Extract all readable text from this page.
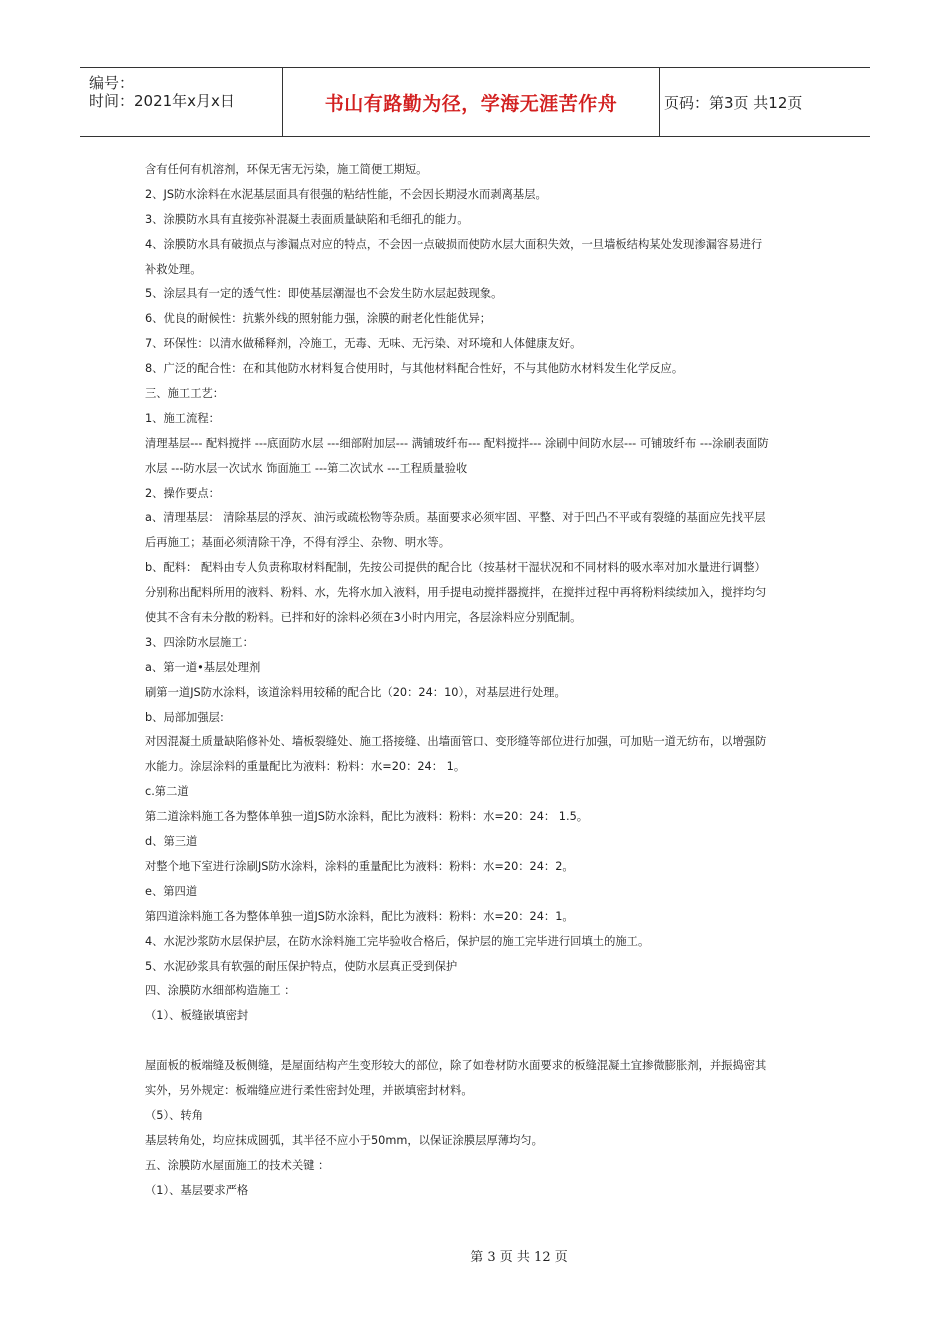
编号：
时间：2021年x月x日	书山有路勤为径，学海无涯苦作舟	页码：第3页 共12页
含有任何有机溶剂，环保无害无污染，施工简便工期短。
2、JS防水涂料在水泥基层面具有很强的粘结性能，不会因长期浸水而剥离基层。
3、涂膜防水具有直接弥补混凝土表面质量缺陷和毛细孔的能力。
4、涂膜防水具有破损点与渗漏点对应的特点，不会因一点破损而使防水层大面积失效，一旦墙板结构某处发现渗漏容易进行
补救处理。
5、涂层具有一定的透气性：即使基层潮湿也不会发生防水层起鼓现象。
6、优良的耐候性：抗紫外线的照射能力强，涂膜的耐老化性能优异；
7、环保性：以清水做稀释剂，冷施工，无毒、无味、无污染、对环境和人体健康友好。
8、广泛的配合性：在和其他防水材料复合使用时，与其他材料配合性好，不与其他防水材料发生化学反应。
三、施工工艺：
1、施工流程：
清理基层--- 配料搅拌 ---底面防水层 ---细部附加层--- 满铺玻纤布--- 配料搅拌--- 涂刷中间防水层--- 可铺玻纤布 ---涂刷表面防
水层 ---防水层一次试水 饰面施工 ---第二次试水 ---工程质量验收
2、操作要点：
a、清理基层： 清除基层的浮灰、油污或疏松物等杂质。基面要求必须牢固、平整、对于凹凸不平或有裂缝的基面应先找平层
后再施工；基面必须清除干净，不得有浮尘、杂物、明水等。
b、配料： 配料由专人负责称取材料配制，先按公司提供的配合比（按基材干湿状况和不同材料的吸水率对加水量进行调整）
分别称出配料所用的液料、粉料、水，先将水加入液料，用手提电动搅拌器搅拌，在搅拌过程中再将粉料续续加入，搅拌均匀
使其不含有未分散的粉料。已拌和好的涂料必须在3小时内用完，各层涂料应分别配制。
3、四涂防水层施工：
a、第一道•基层处理剂
刷第一道JS防水涂料，该道涂料用较稀的配合比（20：24：10），对基层进行处理。
b、局部加强层:
对因混凝土质量缺陷修补处、墙板裂缝处、施工搭接缝、出墙面管口、变形缝等部位进行加强，可加贴一道无纺布，以增强防
水能力。涂层涂料的重量配比为液料：粉料：水=20：24： 1。
c.第二道
第二道涂料施工各为整体单独一道JS防水涂料，配比为液料：粉料：水=20：24： 1.5。
d、第三道
对整个地下室进行涂刷JS防水涂料，涂料的重量配比为液料：粉料：水=20：24：2。
e、第四道
第四道涂料施工各为整体单独一道JS防水涂料，配比为液料：粉料：水=20：24：1。
4、水泥沙浆防水层保护层，在防水涂料施工完毕验收合格后，保护层的施工完毕进行回填土的施工。
5、水泥砂浆具有软强的耐压保护特点，使防水层真正受到保护
四、涂膜防水细部构造施工 ：
（1）、板缝嵌填密封
屋面板的板端缝及板侧缝，是屋面结构产生变形较大的部位，除了如卷材防水面要求的板缝混凝土宜掺微膨胀剂，并振捣密其
实外，另外规定：板端缝应进行柔性密封处理，并嵌填密封材料。
（5）、转角
基层转角处，均应抹成圆弧，其半径不应小于50mm，以保证涂膜层厚薄均匀。
五、涂膜防水屋面施工的技术关键 ：
（1）、基层要求严格
第 3 页 共 12 页
